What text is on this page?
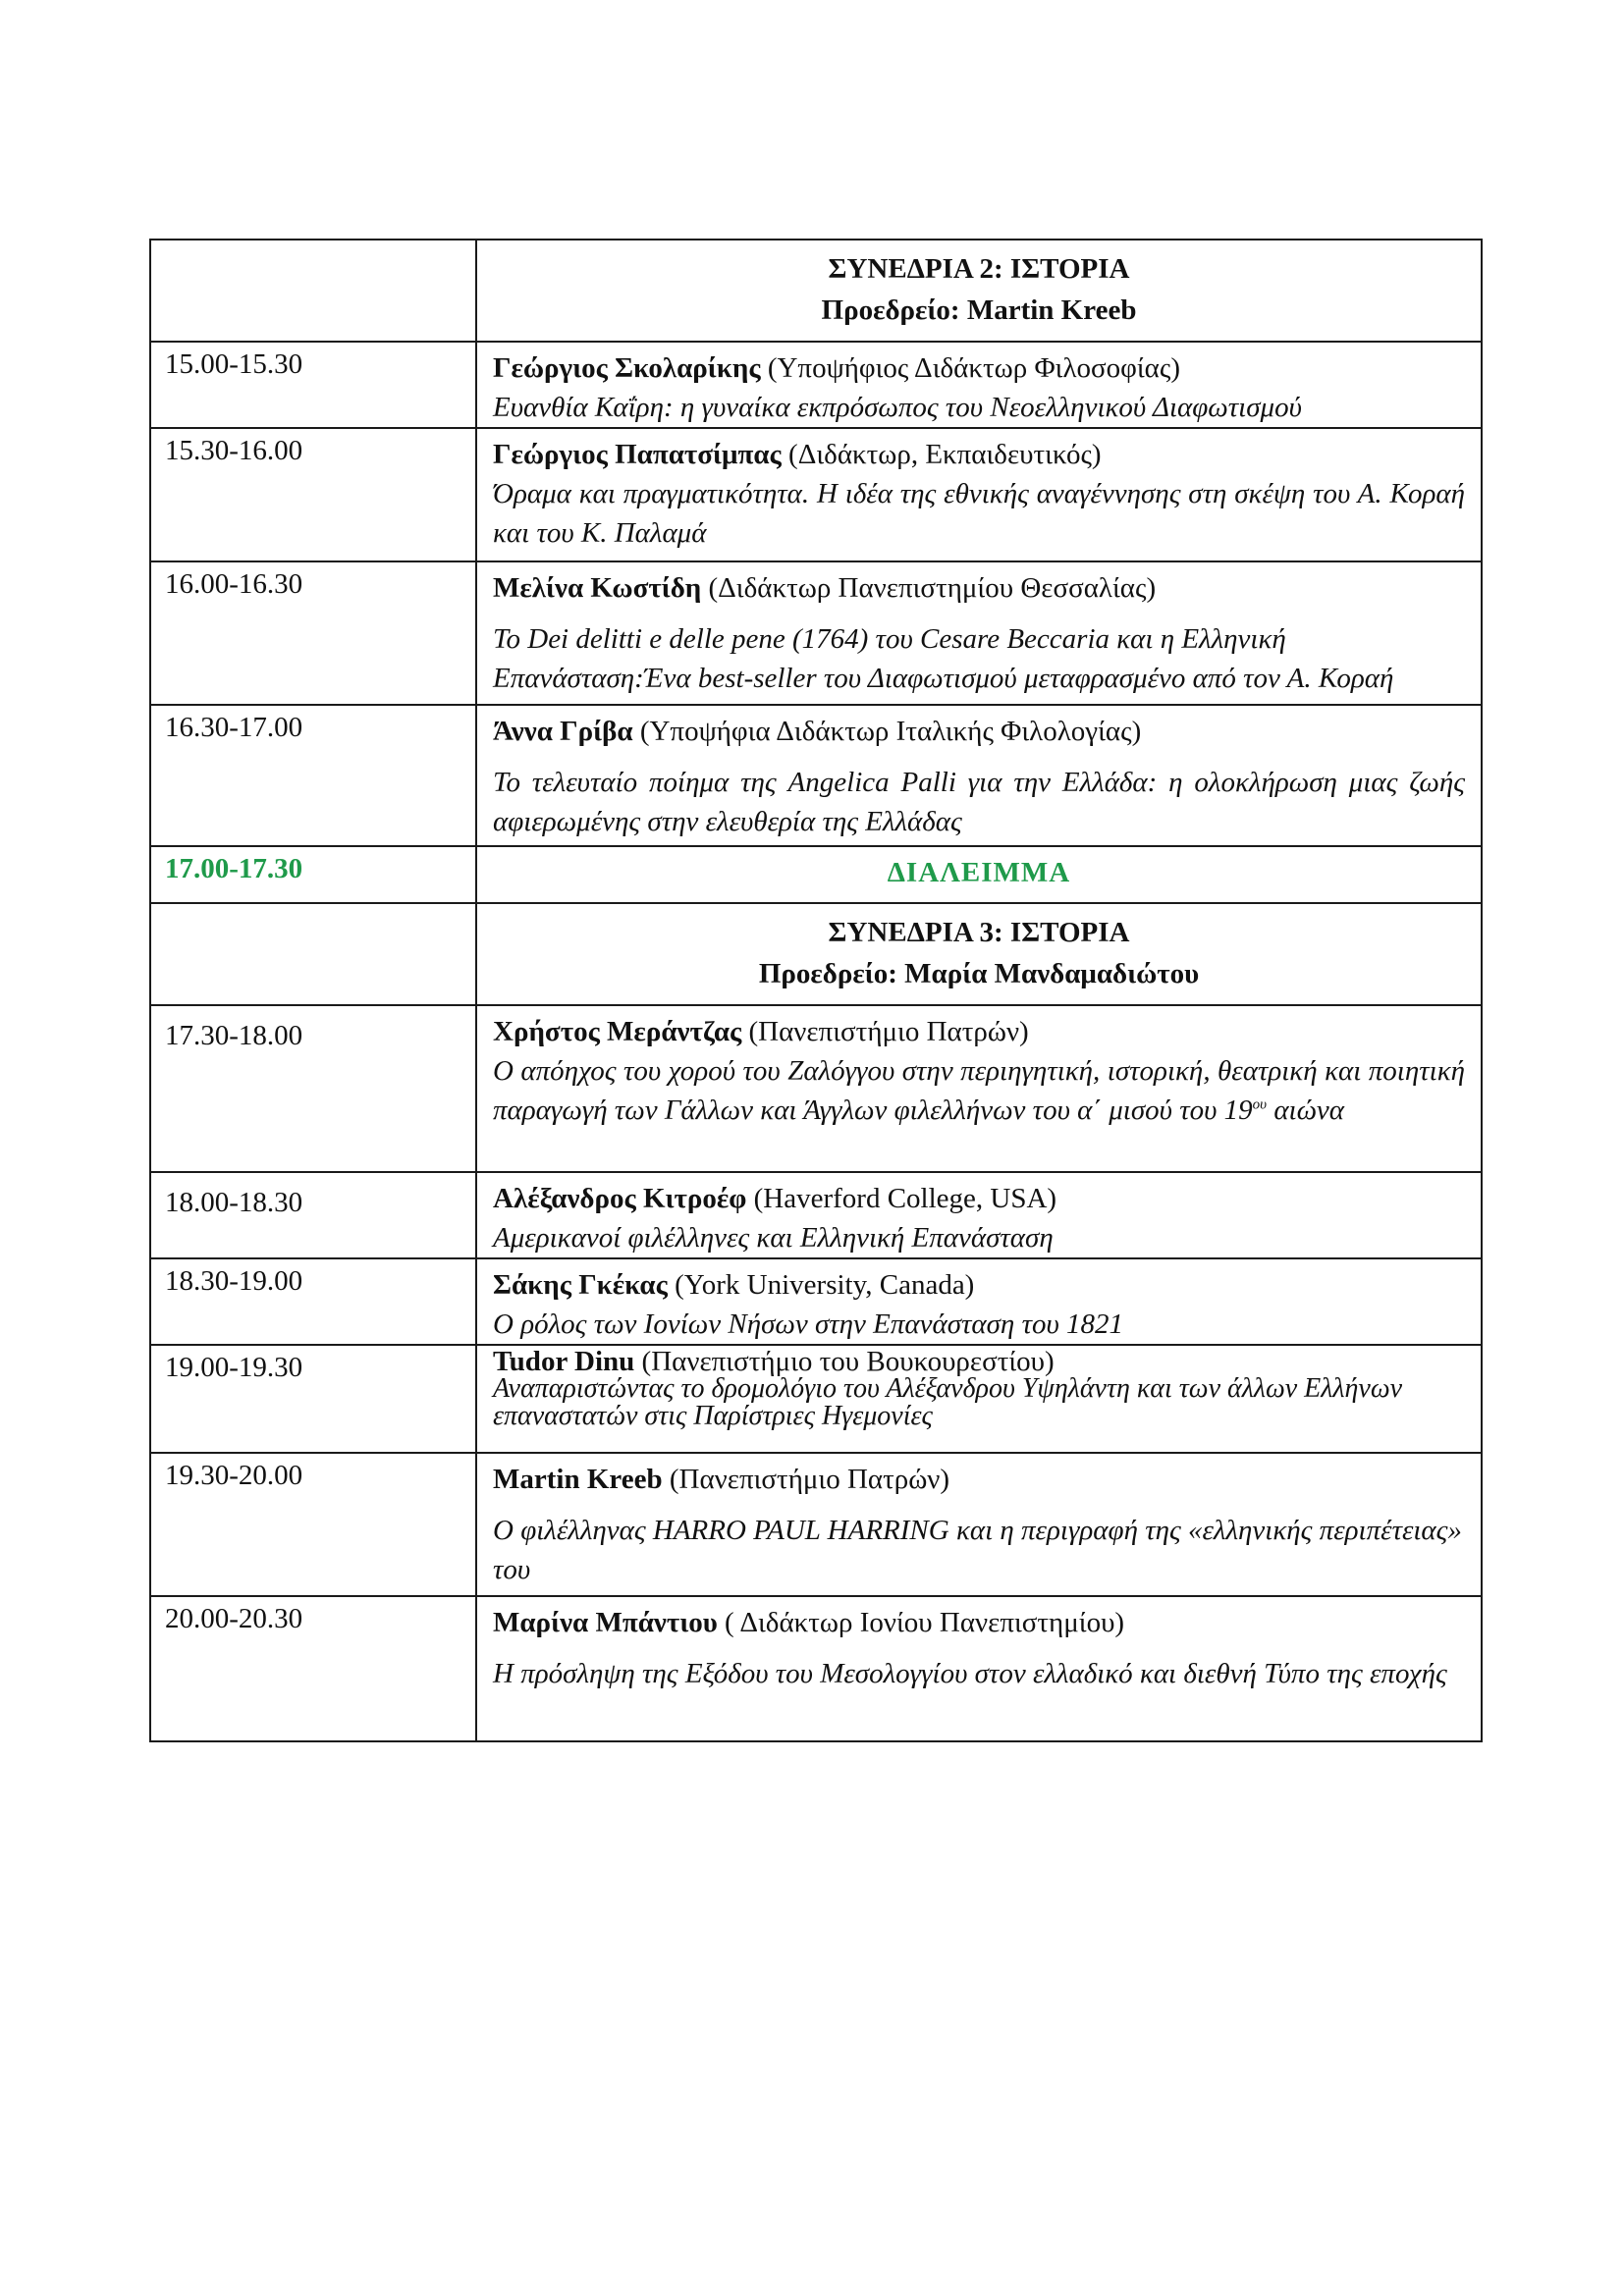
	ΣΥΝΕΔΡΙΑ 2: ΙΣΤΟΡΙΑ
Προεδρείο: Martin Kreeb

15.00-15.30	Γεώργιος Σκολαρίκης (Υποψήφιος Διδάκτωρ Φιλοσοφίας)
Ευανθία Καΐρη: η γυναίκα εκπρόσωπος του Νεοελληνικού Διαφωτισμού

15.30-16.00	Γεώργιος Παπατσίμπας (Διδάκτωρ, Εκπαιδευτικός)
Όραμα και πραγματικότητα. Η ιδέα της εθνικής αναγέννησης στη σκέψη του Α. Κοραή και του Κ. Παλαμά

16.00-16.30	Μελίνα Κωστίδη (Διδάκτωρ Πανεπιστημίου Θεσσαλίας)
Το Dei delitti e delle pene (1764) του Cesare Beccaria και η Ελληνική Επανάσταση:Ένα best-seller του Διαφωτισμού μεταφρασμένο από τον Α. Κοραή

16.30-17.00	Άννα Γρίβα (Υποψήφια Διδάκτωρ Ιταλικής Φιλολογίας)
Το τελευταίο ποίημα της Angelica Palli για την Ελλάδα: η ολοκλήρωση μιας ζωής αφιερωμένης στην ελευθερία της Ελλάδας

17.00-17.30	ΔΙΑΛΕΙΜΜΑ

	ΣΥΝΕΔΡΙΑ 3: ΙΣΤΟΡΙΑ
Προεδρείο: Μαρία Μανδαμαδιώτου

17.30-18.00	Χρήστος Μεράντζας (Πανεπιστήμιο Πατρών)
Ο απόηχος του χορού του Ζαλόγγου στην περιηγητική, ιστορική, θεατρική και ποιητική παραγωγή των Γάλλων και Άγγλων φιλελλήνων του α΄ μισού του $19^{o\upsilon}$ αιώνα

18.00-18.30	Αλέξανδρος Κιτροέφ (Haverford College, USA)
Αμερικανοί φιλέλληνες και Ελληνική Επανάσταση

18.30-19.00	Σάκης Γκέκας (York University, Canada)
Ο ρόλος των Ιονίων Νήσων στην Επανάσταση του 1821

19.00-19.30	Tudor Dinu (Πανεπιστήμιο του Βουκουρεστίου)
Αναπαριστώντας το δρομολόγιο του Αλέξανδρου Υψηλάντη και των άλλων Ελλήνων επαναστατών στις Παρίστριες Ηγεμονίες

19.30-20.00	Martin Kreeb (Πανεπιστήμιο Πατρών)
Ο φιλέλληνας HARRO PAUL HARRING και η περιγραφή της «ελληνικής περιπέτειας» του

20.00-20.30	Μαρίνα Μπάντιου ( Διδάκτωρ Ιονίου Πανεπιστημίου)
Η πρόσληψη της Εξόδου του Μεσολογγίου στον ελλαδικό και διεθνή Τύπο της εποχής
